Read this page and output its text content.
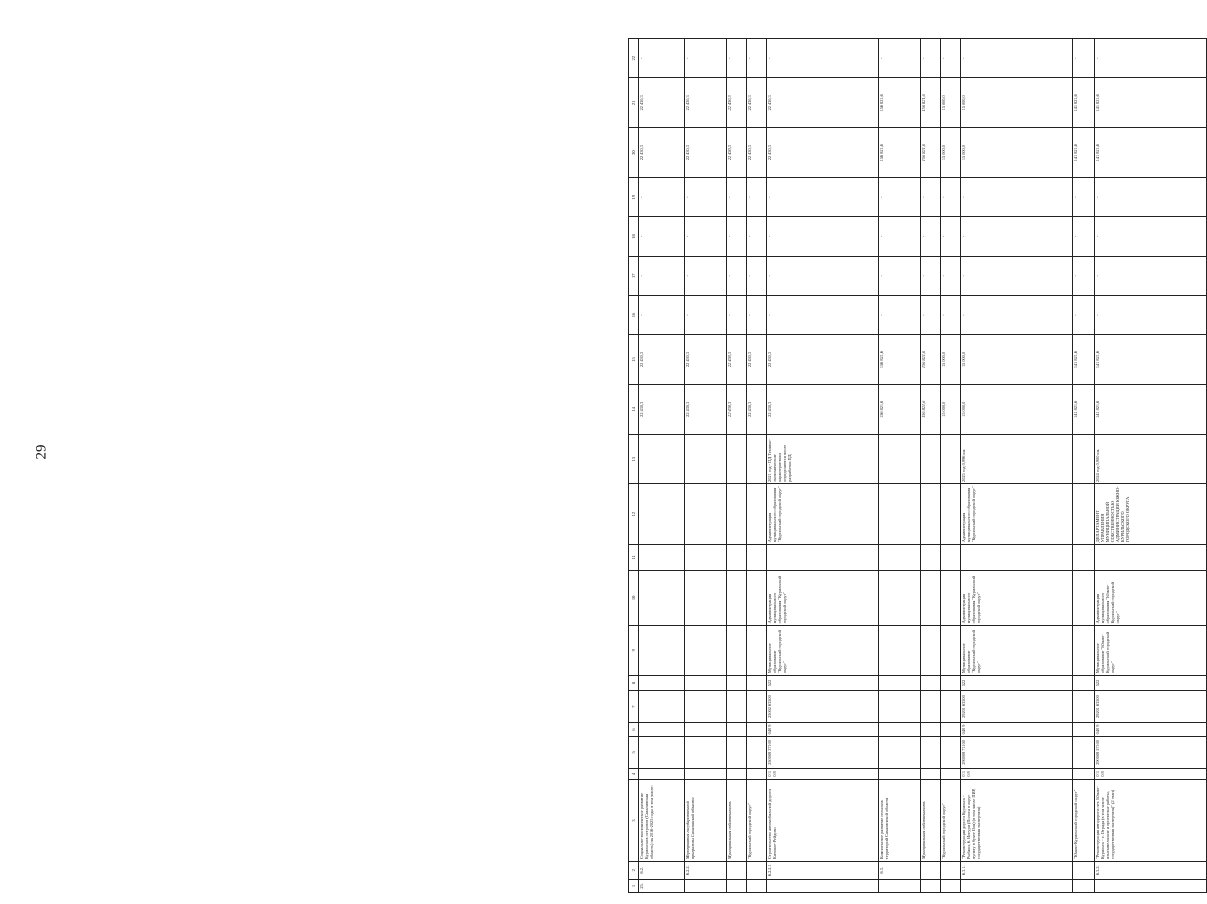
29
1	2	3	4	5	6	7	8	9	10	11	12	13	14	15	16	17	18	19	20	21	22
25.	6.2.	Социально-экономическое развитие Курильских островов (Сахалинская область) на 2016-2025 годы в том числе:											22 430,3	22 430,3	-	-	-	-	22 430,3	22 430,3	-
	6.2.2.	Мероприятия государственной программы Сахалинской области											22 430,3	22 430,3	-	-	-	-	22 430,3	22 430,3	-
		Муниципальная собственность											22 430,3	22 430,3	-	-	-	-	22 430,3	22 430,3	-
		"Курильский городской округ"											22 430,3	22 430,3	-	-	-	-	22 430,3	22 430,3	-
	6.2.2.1	Строительство автомобильной дороги Китовое-Рейдово	0 3 0 8	250008 37100	040 9	25002 63500	522	Муниципальное образование "Курильский городской округ"	Администрация муниципального образования "Курильский городской округ"		Администрация муниципального образования "Курильский городской округ"	2021 год - ПД Технико-экономические характеристики определяются после разработки ПД	22 430,3	22 430,3	-	-	-	-	22 430,3	22 430,3	-
	6.3.	Комплексное развитие сельских территорий Сахалинской области											156 821,6	156 821,6	-	-	-	-	156 821,6	156 821,6	-
		Муниципальная собственность											156 821,6	156 821,6	-	-	-	-	156 821,6	156 821,6	-
		"Курильский городской округ"											15 000,0	15 000,0	-	-	-	-	15 000,0	15 000,0	-
	6.3.1.	"Реконструкция дороги Курильск - Рыбаки, 6. Ингури (Полоса в округ пункту в бухте Оля) (в том числе ПИР, государственная экспертиза)	0 3 0 8	290008 71100	040 9	29201 63500	522	Муниципальное образование "Курильский городской округ"	Администрация муниципального образования "Курильский городской округ"		Администрация муниципального образования "Курильский городской округ"	2025 год 0,996 км.	15 000,0	15 000,0	-	-	-	-	15 000,0	15 000,0	-
		"Южно-Курильский городской округ"											141 821,6	141 821,6	-	-	-	-	141 821,6	141 821,6	-
	6.3.2.	"Реконструкция автодороги пгт. Южно-Курильск - с. Отрада (в том числе изыскательские и проектные работы, государственная экспертиза)" (2 этап)	0 3 0 8	290008 57100	040 9	29201 63500	522	Муниципальное образование "Южно-Курильский городской округ"	Администрация муниципального образования "Южно-Курильский городской округ"		ДЕПАРТАМЕНТ УПРАВЛЕНИЯ МУНИЦИПАЛЬНОЙ СОБСТВЕННОСТЬЮ АДМИНИСТРАЦИИ ЮЖНО-КУРИЛЬСКОГО ГОРОДСКОГО ОКРУГА	2024 год 0,900 км.	141 821,6	141 821,6	-	-	-	-	141 821,6	141 821,6	-
